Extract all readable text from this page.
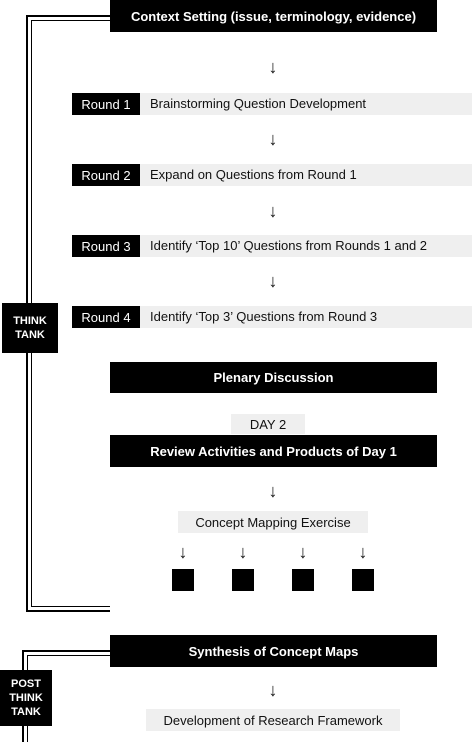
THINK TANK
POST THINK TANK
Context Setting (issue, terminology, evidence)
↓
Round 1 Brainstorming Question Development
↓
Round 2 Expand on Questions from Round 1
↓
Round 3 Identify ‘Top 10’ Questions from Rounds 1 and 2
↓
Round 4 Identify ‘Top 3’ Questions from Round 3
Plenary Discussion
DAY 2
Review Activities and Products of Day 1
↓
Concept Mapping Exercise
↓	↓	↓	↓
Synthesis of Concept Maps
↓
Development of Research Framework
